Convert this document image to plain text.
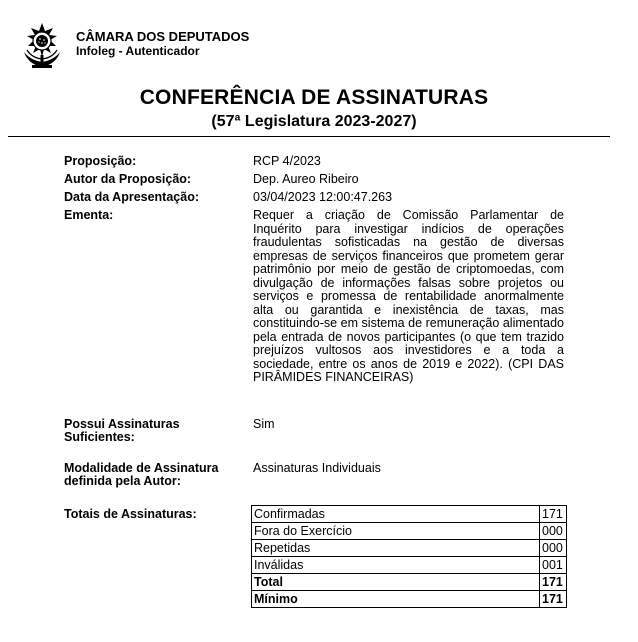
CÂMARA DOS DEPUTADOS
Infoleg - Autenticador
CONFERÊNCIA DE ASSINATURAS
(57ª Legislatura 2023-2027)
Proposição:	RCP 4/2023
Autor da Proposição:	Dep. Aureo Ribeiro
Data da Apresentação:	03/04/2023 12:00:47.263
Ementa:	Requer a criação de Comissão Parlamentar de Inquérito para investigar indícios de operações fraudulentas sofisticadas na gestão de diversas empresas de serviços financeiros que prometem gerar patrimônio por meio de gestão de criptomoedas, com divulgação de informações falsas sobre projetos ou serviços e promessa de rentabilidade anormalmente alta ou garantida e inexistência de taxas, mas constituindo-se em sistema de remuneração alimentado pela entrada de novos participantes (o que tem trazido prejuízos vultosos aos investidores e a toda a sociedade, entre os anos de 2019 e 2022). (CPI DAS PIRÂMIDES FINANCEIRAS)
Possui Assinaturas Suficientes:
Sim
Modalidade de Assinatura definida pela Autor:
Assinaturas Individuais
Totais de Assinaturas:	Confirmadas	171
Fora do Exercício	000
Repetidas	000
Inválidas	001
Total	171
Mínimo	171
